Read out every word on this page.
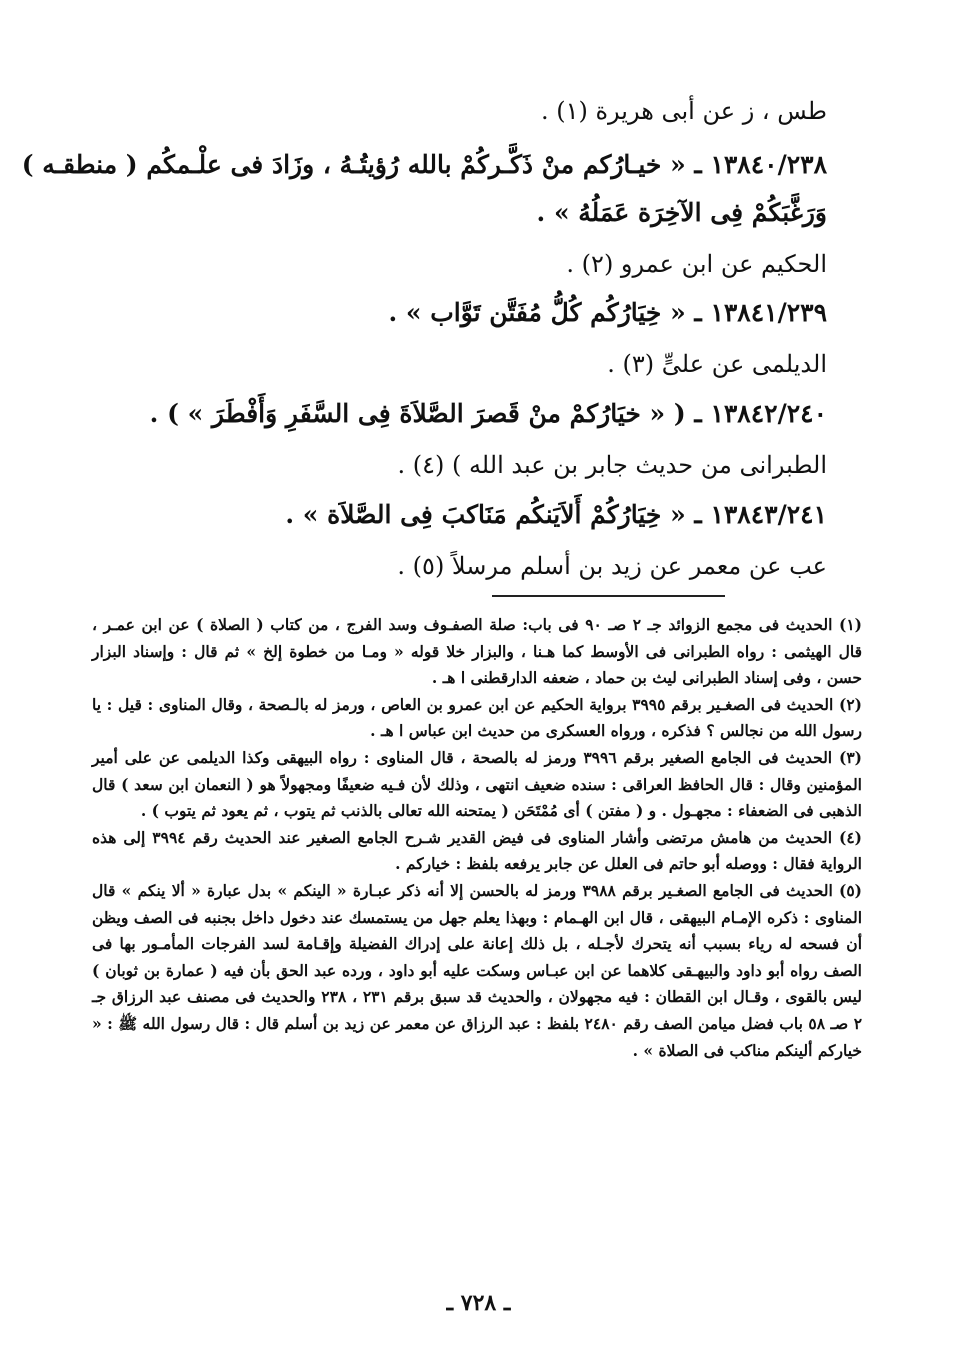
طس ، ز عن أبى هريرة (١) .
١٣٨٤٠/٢٣٨ ـ « خيـارُكم منْ ذَكَّـركُمْ بالله رُؤيتُـهُ ، وزَادَ فى علْـمكُم ( منطقـه )
وَرَغَّبَكُمْ فِى الآخِرَة عَمَلُهُ » .
الحكيم عن ابن عمرو (٢) .
١٣٨٤١/٢٣٩ ـ « خِيَارُكُم كُلُّ مُفَتَّن تَوَّاب » .
الديلمى عن علىٍّ (٣) .
١٣٨٤٢/٢٤٠ ـ ( « خيَارُكمْ منْ قَصرَ الصَّلاَةَ فِى السَّفَرِ وَأَفْطَرَ » ) .
الطبرانى من حديث جابر بن عبد الله ) (٤) .
١٣٨٤٣/٢٤١ ـ « خِيَارُكُمْ أَلاَيَنكُم مَنَاكبَ فِى الصَّلاَة » .
عب عن معمر عن زيد بن أسلم مرسلاً (٥) .

(١) الحديث فى مجمع الزوائد جـ ٢ صـ ٩٠ فى باب: صلة الصفـوف وسد الفرج ، من كتاب ( الصلاة ) عن ابن عمـر ، قال الهيثمى : رواه الطبرانى فى الأوسط كما هـنا ، والبزار خلا قوله « ومـا من خطوة إلخ » ثم قال : وإسناد البزار حسن ، وفى إسناد الطبرانى ليث بن حماد ، ضعفه الدارقطنى ا هـ .

(٢) الحديث فى الصغـير برقم ٣٩٩٥ برواية الحكيم عن ابن عمرو بن العاص ، ورمز له بالـصحة ، وقال المناوى : قيل : يا رسول الله من نجالس ؟ فذكره ، ورواه العسكرى من حديث ابن عباس ا هـ .

(٣) الحديث فى الجامع الصغير برقم ٣٩٩٦ ورمز له بالصحة ، قال المناوى : رواه البيهقى وكذا الديلمى عن على أمير المؤمنين وقال : قال الحافظ العراقى : سنده ضعيف انتهى ، وذلك لأن فـيه ضعيفًا ومجهولاً هو ( النعمان ابن سعد ) قال الذهبى فى الضعفاء : مجهـول . و ( مفتن ) أى مُمْتَحَن ( يمتحنه الله تعالى بالذنب ثم يتوب ، ثم يعود ثم يتوب ) .

(٤) الحديث من هامش مرتضى وأشار المناوى فى فيض القدير شـرح الجامع الصغير عند الحديث رقم ٣٩٩٤ إلى هذه الرواية فقال : ووصله أبو حاتم فى العلل عن جابر يرفعه بلفظ : خياركم .

(٥) الحديث فى الجامع الصغـير برقم ٣٩٨٨ ورمز له بالحسن إلا أنه ذكر عبـارة « الينكم » بدل عبارة « ألا ينكم » قال المناوى : ذكره الإمـام البيهقى ، قال ابن الهـمام : وبهذا يعلم جهل من يستمسك عند دخول داخل بجنبه فى الصف ويظن أن فسحه له رياء بسبب أنه يتحرك لأجـله ، بل ذلك إعانة على إدراك الفضيلة وإقـامة لسد الفرجات المأمـور بها فى الصف رواه أبو داود والبيهـقى كلاهما عن ابن عبـاس وسكت عليه أبو داود ، ورده عبد الحق بأن فيه ( عمارة بن ثوبان ) ليس بالقوى ، وقـال ابن القطان : فيه مجهولان ، والحديث قد سبق برقم ٢٣١ ، ٢٣٨ والحديث فى مصنف عبد الرزاق جـ ٢ صـ ٥٨ باب فضل ميامن الصف رقم ٢٤٨٠ بلفظ : عبد الرزاق عن معمر عن زيد بن أسلم قال : قال رسول الله ﷺ : « خياركم ألينكم مناكب فى الصلاة » .

ـ ٧٢٨ ـ
